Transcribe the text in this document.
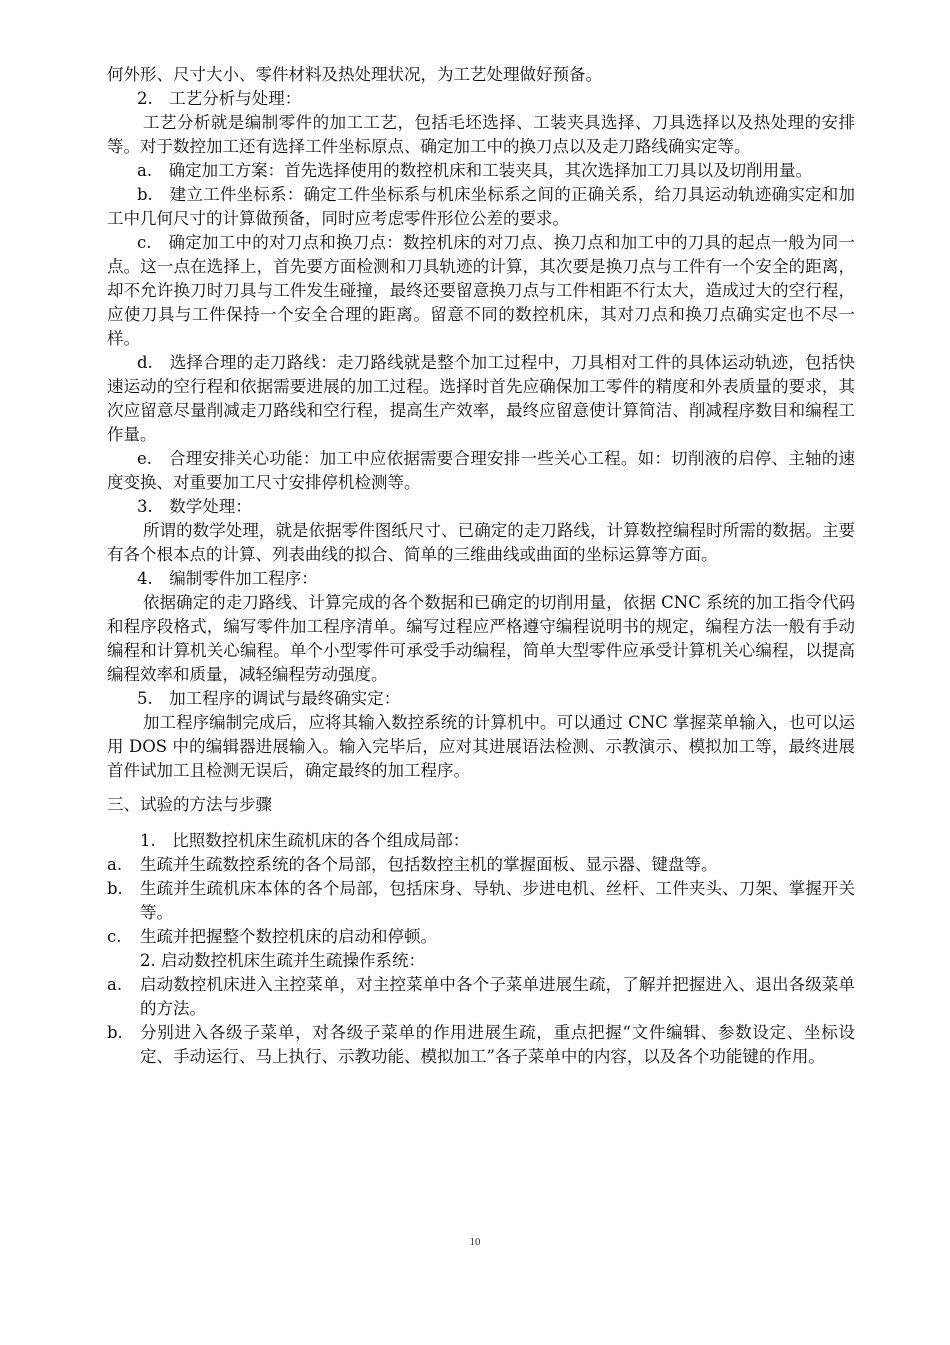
何外形、尺寸大小、零件材料及热处理状况，为工艺处理做好预备。

2.　工艺分析与处理：

工艺分析就是编制零件的加工工艺，包括毛坯选择、工装夹具选择、刀具选择以及热处理的安排等。对于数控加工还有选择工件坐标原点、确定加工中的换刀点以及走刀路线确实定等。

a.　确定加工方案：首先选择使用的数控机床和工装夹具，其次选择加工刀具以及切削用量。

b.　建立工件坐标系：确定工件坐标系与机床坐标系之间的正确关系，给刀具运动轨迹确实定和加工中几何尺寸的计算做预备，同时应考虑零件形位公差的要求。

c.　确定加工中的对刀点和换刀点：数控机床的对刀点、换刀点和加工中的刀具的起点一般为同一点。这一点在选择上，首先要方面检测和刀具轨迹的计算，其次要是换刀点与工件有一个安全的距离，却不允许换刀时刀具与工件发生碰撞，最终还要留意换刀点与工件相距不行太大，造成过大的空行程，应使刀具与工件保持一个安全合理的距离。留意不同的数控机床，其对刀点和换刀点确实定也不尽一样。

d.　选择合理的走刀路线：走刀路线就是整个加工过程中，刀具相对工件的具体运动轨迹，包括快速运动的空行程和依据需要进展的加工过程。选择时首先应确保加工零件的精度和外表质量的要求，其次应留意尽量削减走刀路线和空行程，提高生产效率，最终应留意使计算简洁、削减程序数目和编程工作量。

e.　合理安排关心功能：加工中应依据需要合理安排一些关心工程。如：切削液的启停、主轴的速度变换、对重要加工尺寸安排停机检测等。

3.　数学处理：

所谓的数学处理，就是依据零件图纸尺寸、已确定的走刀路线，计算数控编程时所需的数据。主要有各个根本点的计算、列表曲线的拟合、简单的三维曲线或曲面的坐标运算等方面。

4.　编制零件加工程序：

依据确定的走刀路线、计算完成的各个数据和已确定的切削用量，依据 CNC 系统的加工指令代码和程序段格式，编写零件加工程序清单。编写过程应严格遵守编程说明书的规定，编程方法一般有手动编程和计算机关心编程。单个小型零件可承受手动编程，简单大型零件应承受计算机关心编程，以提高编程效率和质量，减轻编程劳动强度。

5.　加工程序的调试与最终确实定：

加工程序编制完成后，应将其输入数控系统的计算机中。可以通过 CNC 掌握菜单输入，也可以运用 DOS 中的编辑器进展输入。输入完毕后，应对其进展语法检测、示教演示、模拟加工等，最终进展首件试加工且检测无误后，确定最终的加工程序。

三、试验的方法与步骤

1.　比照数控机床生疏机床的各个组成局部：

a.	生疏并生疏数控系统的各个局部，包括数控主机的掌握面板、显示器、键盘等。
b.	生疏并生疏机床本体的各个局部，包括床身、导轨、步进电机、丝杆、工件夹头、刀架、掌握开关等。
c.	生疏并把握整个数控机床的启动和停顿。

2. 启动数控机床生疏并生疏操作系统：

a.	启动数控机床进入主控菜单，对主控菜单中各个子菜单进展生疏，了解并把握进入、退出各级菜单的方法。
b.	分别进入各级子菜单，对各级子菜单的作用进展生疏，重点把握“文件编辑、参数设定、坐标设定、手动运行、马上执行、示教功能、模拟加工”各子菜单中的内容，以及各个功能键的作用。
10
